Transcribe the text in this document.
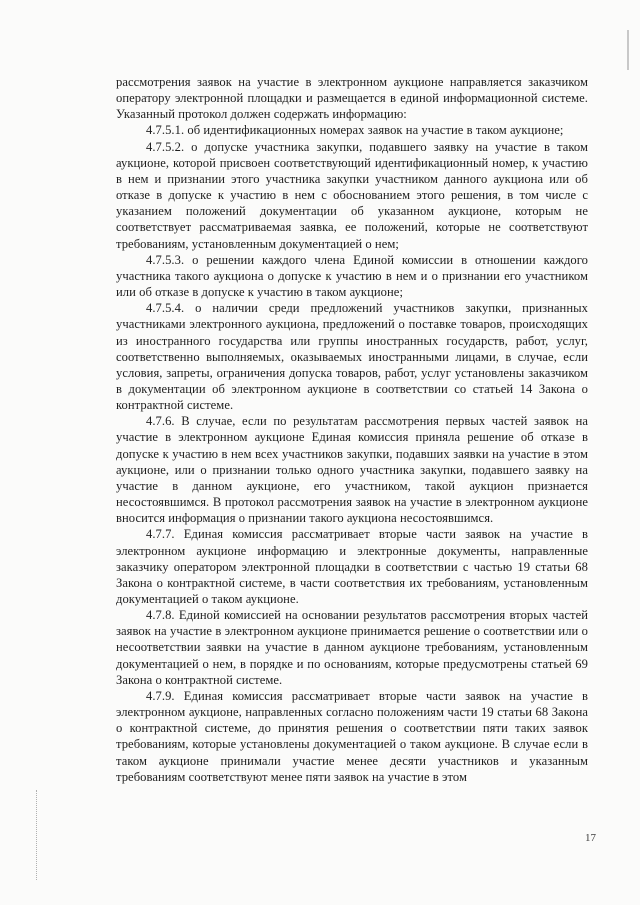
рассмотрения заявок на участие в электронном аукционе направляется заказчиком оператору электронной площадки и размещается в единой информационной системе. Указанный протокол должен содержать информацию:

4.7.5.1. об идентификационных номерах заявок на участие в таком аукционе;

4.7.5.2. о допуске участника закупки, подавшего заявку на участие в таком аукционе, которой присвоен соответствующий идентификационный номер, к участию в нем и признании этого участника закупки участником данного аукциона или об отказе в допуске к участию в нем с обоснованием этого решения, в том числе с указанием положений документации об указанном аукционе, которым не соответствует рассматриваемая заявка, ее положений, которые не соответствуют требованиям, установленным документацией о нем;

4.7.5.3. о решении каждого члена Единой комиссии в отношении каждого участника такого аукциона о допуске к участию в нем и о признании его участником или об отказе в допуске к участию в таком аукционе;

4.7.5.4. о наличии среди предложений участников закупки, признанных участниками электронного аукциона, предложений о поставке товаров, происходящих из иностранного государства или группы иностранных государств, работ, услуг, соответственно выполняемых, оказываемых иностранными лицами, в случае, если условия, запреты, ограничения допуска товаров, работ, услуг установлены заказчиком в документации об электронном аукционе в соответствии со статьей 14 Закона о контрактной системе.

4.7.6. В случае, если по результатам рассмотрения первых частей заявок на участие в электронном аукционе Единая комиссия приняла решение об отказе в допуске к участию в нем всех участников закупки, подавших заявки на участие в этом аукционе, или о признании только одного участника закупки, подавшего заявку на участие в данном аукционе, его участником, такой аукцион признается несостоявшимся. В протокол рассмотрения заявок на участие в электронном аукционе вносится информация о признании такого аукциона несостоявшимся.

4.7.7. Единая комиссия рассматривает вторые части заявок на участие в электронном аукционе информацию и электронные документы, направленные заказчику оператором электронной площадки в соответствии с частью 19 статьи 68 Закона о контрактной системе, в части соответствия их требованиям, установленным документацией о таком аукционе.

4.7.8. Единой комиссией на основании результатов рассмотрения вторых частей заявок на участие в электронном аукционе принимается решение о соответствии или о несоответствии заявки на участие в данном аукционе требованиям, установленным документацией о нем, в порядке и по основаниям, которые предусмотрены статьей 69 Закона о контрактной системе.

4.7.9. Единая комиссия рассматривает вторые части заявок на участие в электронном аукционе, направленных согласно положениям части 19 статьи 68 Закона о контрактной системе, до принятия решения о соответствии пяти таких заявок требованиям, которые установлены документацией о таком аукционе. В случае если в таком аукционе принимали участие менее десяти участников и указанным требованиям соответствуют менее пяти заявок на участие в этом

17
